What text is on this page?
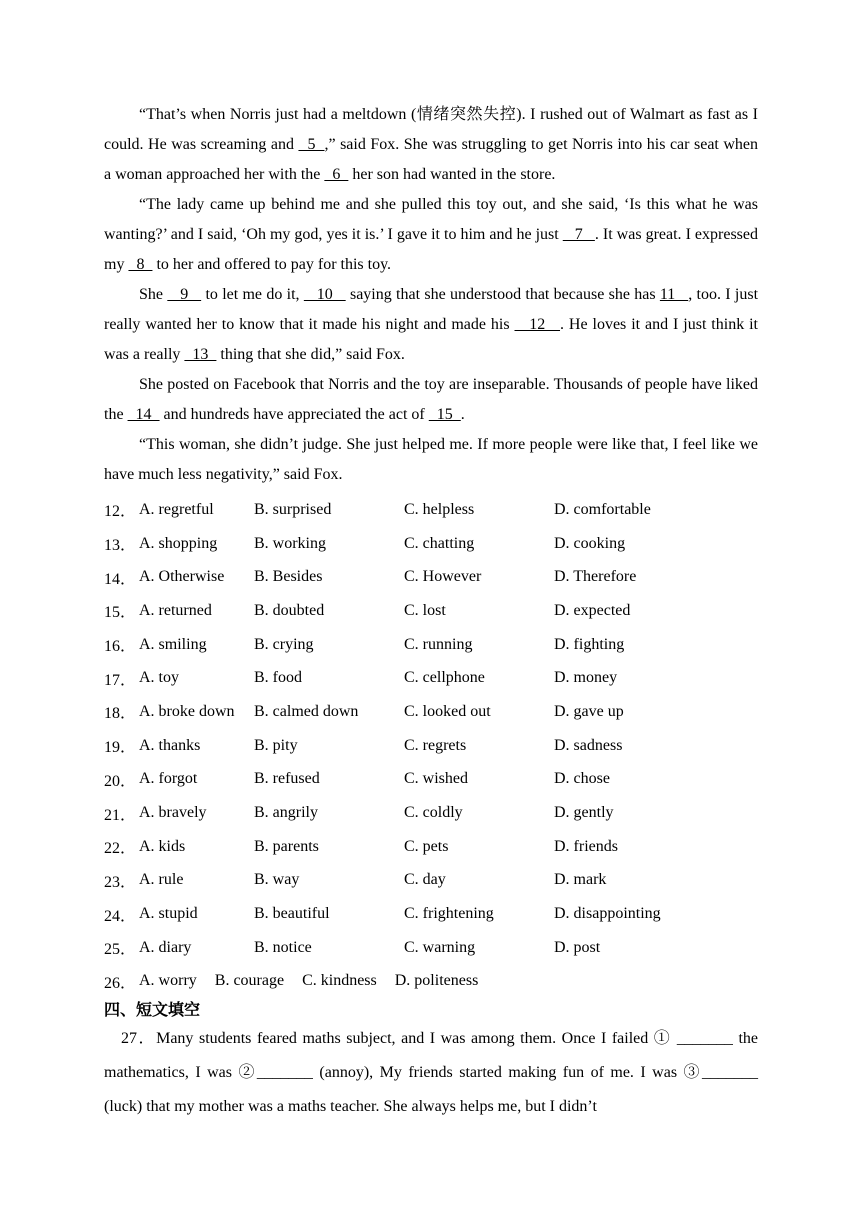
“That’s when Norris just had a meltdown (情绪突然失控). I rushed out of Walmart as fast as I could. He was screaming and   5  ,” said Fox. She was struggling to get Norris into his car seat when a woman approached her with the   6   her son had wanted in the store.

“The lady came up behind me and she pulled this toy out, and she said, ‘Is this what he was wanting?’ and I said, ‘Oh my god, yes it is.’ I gave it to him and he just    7   . It was great. I expressed my   8   to her and offered to pay for this toy.

She    9    to let me do it,    10    saying that she understood that because she has 11   , too. I just really wanted her to know that it made his night and made his    12   . He loves it and I just think it was a really   13   thing that she did,” said Fox.

She posted on Facebook that Norris and the toy are inseparable. Thousands of people have liked the   14   and hundreds have appreciated the act of   15  .

“This woman, she didn’t judge. She just helped me. If more people were like that, I feel like we have much less negativity,” said Fox.

12． A. regretful	B. surprised	C. helpless	D. comfortable
13． A. shopping	B. working	C. chatting	D. cooking
14． A. Otherwise	B. Besides	C. However	D. Therefore
15． A. returned	B. doubted	C. lost	D. expected
16． A. smiling	B. crying	C. running	D. fighting
17． A. toy	B. food	C. cellphone	D. money
18． A. broke down	B. calmed down	C. looked out	D. gave up
19． A. thanks	B. pity	C. regrets	D. sadness
20． A. forgot	B. refused	C. wished	D. chose
21． A. bravely	B. angrily	C. coldly	D. gently
22． A. kids	B. parents	C. pets	D. friends
23． A. rule	B. way	C. day	D. mark
24． A. stupid	B. beautiful	C. frightening	D. disappointing
25． A. diary	B. notice	C. warning	D. post
26． A. worry B. courage C. kindness D. politeness
四、短文填空

27．Many students feared maths subject, and I was among them. Once I failed ① _______ the mathematics, I was ②_______ (annoy), My friends started making fun of me. I was ③_______ (luck) that my mother was a maths teacher. She always helps me, but I didn’t
